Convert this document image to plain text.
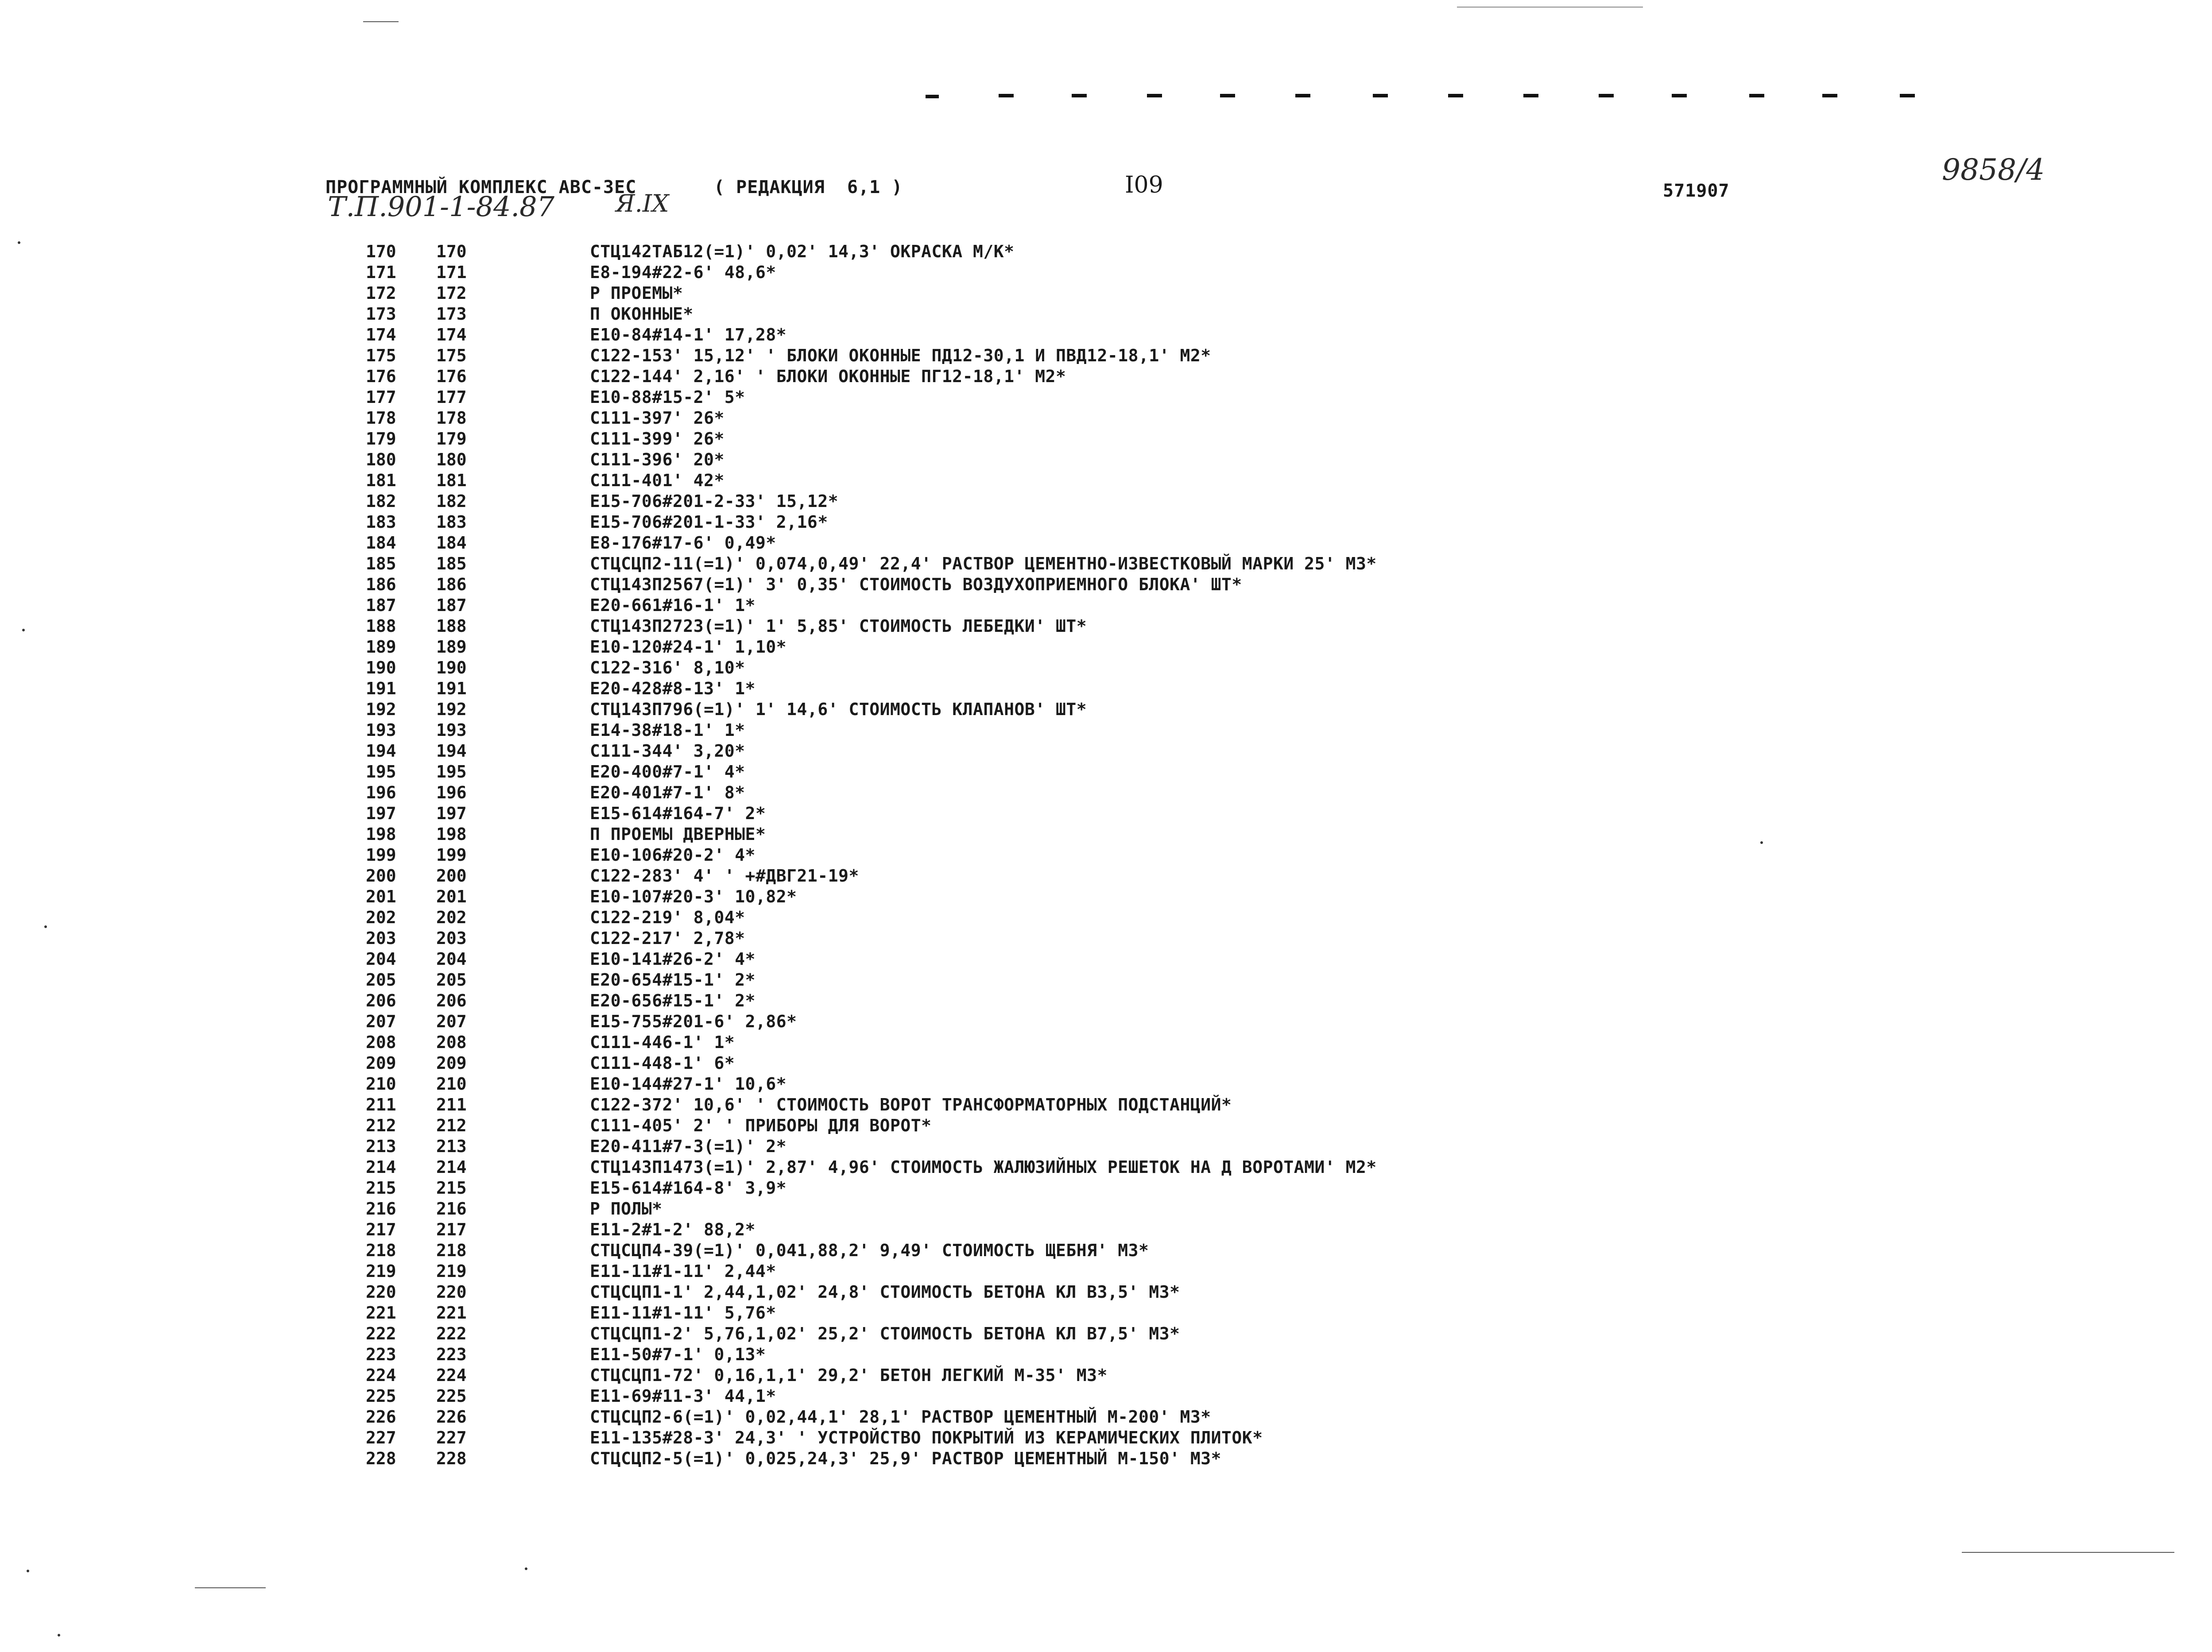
ПРОГРАММНЫЙ КОМПЛЕКС АВС-3ЕС	( РЕДАКЦИЯ  6,1 )	I09	571907
Т.П.901-1-84.87	Я.IX
9858/4
170 170	СТЦ142ТАБ12(=1)' 0,02' 14,3' ОКРАСКА М/К*
171 171	Е8-194#22-6' 48,6*
172 172	Р ПРОЕМЫ*
173 173	П ОКОННЫЕ*
174 174	Е10-84#14-1' 17,28*
175 175	С122-153' 15,12' ' БЛОКИ ОКОННЫЕ ПД12-30,1 И ПВД12-18,1' М2*
176 176	С122-144' 2,16' ' БЛОКИ ОКОННЫЕ ПГ12-18,1' М2*
177 177	Е10-88#15-2' 5*
178 178	С111-397' 26*
179 179	С111-399' 26*
180 180	С111-396' 20*
181 181	С111-401' 42*
182 182	Е15-706#201-2-33' 15,12*
183 183	Е15-706#201-1-33' 2,16*
184 184	Е8-176#17-6' 0,49*
185 185	СТЦСЦП2-11(=1)' 0,074,0,49' 22,4' РАСТВОР ЦЕМЕНТНО-ИЗВЕСТКОВЫЙ МАРКИ 25' М3*
186 186	СТЦ143П2567(=1)' 3' 0,35' СТОИМОСТЬ ВОЗДУХОПРИЕМНОГО БЛОКА' ШТ*
187 187	Е20-661#16-1' 1*
188 188	СТЦ143П2723(=1)' 1' 5,85' СТОИМОСТЬ ЛЕБЕДКИ' ШТ*
189 189	Е10-120#24-1' 1,10*
190 190	С122-316' 8,10*
191 191	Е20-428#8-13' 1*
192 192	СТЦ143П796(=1)' 1' 14,6' СТОИМОСТЬ КЛАПАНОВ' ШТ*
193 193	Е14-38#18-1' 1*
194 194	С111-344' 3,20*
195 195	Е20-400#7-1' 4*
196 196	Е20-401#7-1' 8*
197 197	Е15-614#164-7' 2*
198 198	П ПРОЕМЫ ДВЕРНЫЕ*
199 199	Е10-106#20-2' 4*
200 200	С122-283' 4' ' +#ДВГ21-19*
201 201	Е10-107#20-3' 10,82*
202 202	С122-219' 8,04*
203 203	С122-217' 2,78*
204 204	Е10-141#26-2' 4*
205 205	Е20-654#15-1' 2*
206 206	Е20-656#15-1' 2*
207 207	Е15-755#201-6' 2,86*
208 208	С111-446-1' 1*
209 209	С111-448-1' 6*
210 210	Е10-144#27-1' 10,6*
211 211	С122-372' 10,6' ' СТОИМОСТЬ ВОРОТ ТРАНСФОРМАТОРНЫХ ПОДСТАНЦИЙ*
212 212	С111-405' 2' ' ПРИБОРЫ ДЛЯ ВОРОТ*
213 213	Е20-411#7-3(=1)' 2*
214 214	СТЦ143П1473(=1)' 2,87' 4,96' СТОИМОСТЬ ЖАЛЮЗИЙНЫХ РЕШЕТОК НА Д ВОРОТАМИ' М2*
215 215	Е15-614#164-8' 3,9*
216 216	Р ПОЛЫ*
217 217	Е11-2#1-2' 88,2*
218 218	СТЦСЦП4-39(=1)' 0,041,88,2' 9,49' СТОИМОСТЬ ЩЕБНЯ' М3*
219 219	Е11-11#1-11' 2,44*
220 220	СТЦСЦП1-1' 2,44,1,02' 24,8' СТОИМОСТЬ БЕТОНА КЛ В3,5' М3*
221 221	Е11-11#1-11' 5,76*
222 222	СТЦСЦП1-2' 5,76,1,02' 25,2' СТОИМОСТЬ БЕТОНА КЛ В7,5' М3*
223 223	Е11-50#7-1' 0,13*
224 224	СТЦСЦП1-72' 0,16,1,1' 29,2' БЕТОН ЛЕГКИЙ М-35' М3*
225 225	Е11-69#11-3' 44,1*
226 226	СТЦСЦП2-6(=1)' 0,02,44,1' 28,1' РАСТВОР ЦЕМЕНТНЫЙ М-200' М3*
227 227	Е11-135#28-3' 24,3' ' УСТРОЙСТВО ПОКРЫТИЙ ИЗ КЕРАМИЧЕСКИХ ПЛИТОК*
228 228	СТЦСЦП2-5(=1)' 0,025,24,3' 25,9' РАСТВОР ЦЕМЕНТНЫЙ М-150' М3*
